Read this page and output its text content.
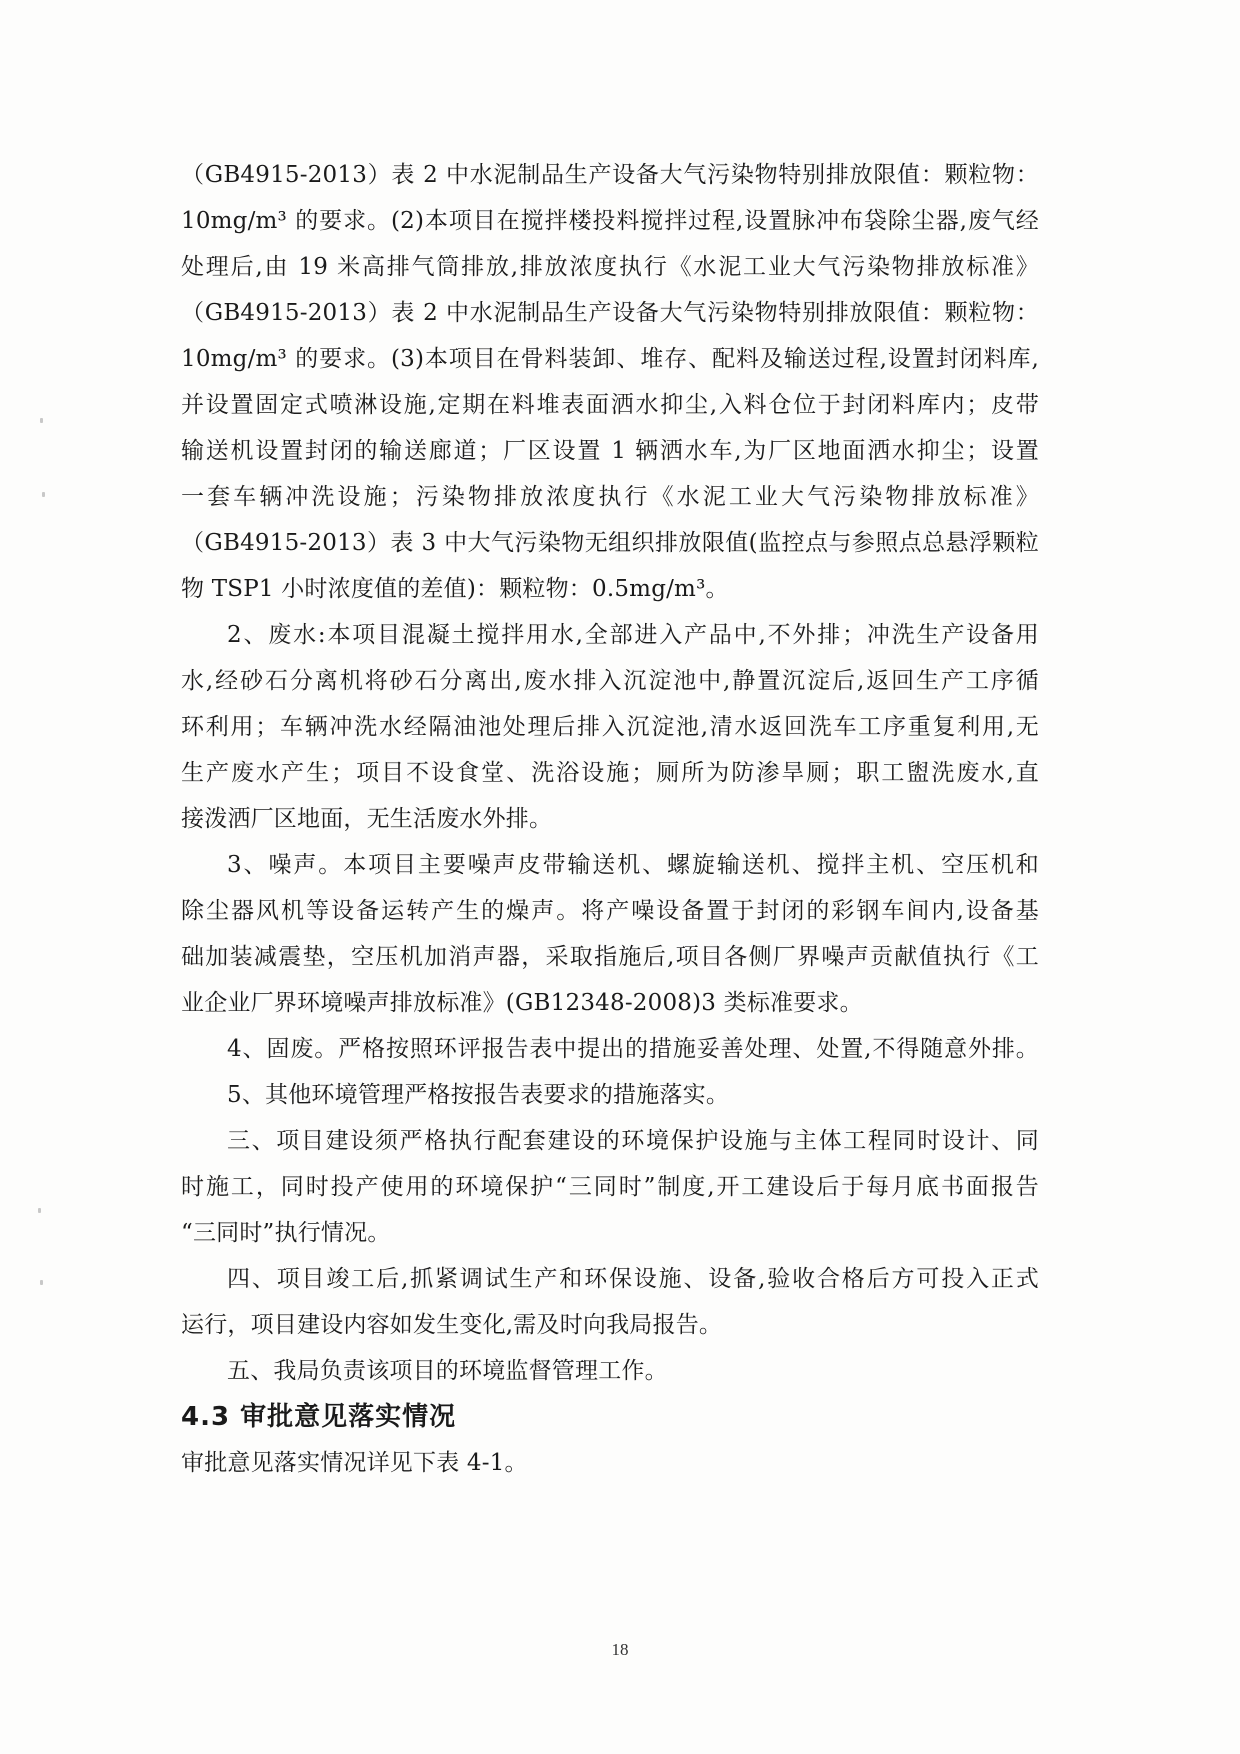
（GB4915-2013）表 2 中水泥制品生产设备大气污染物特别排放限值：颗粒物：
10mg/m³ 的要求。(2)本项目在搅拌楼投料搅拌过程,设置脉冲布袋除尘器,废气经
处理后,由 19 米高排气筒排放,排放浓度执行《水泥工业大气污染物排放标准》
（GB4915-2013）表 2 中水泥制品生产设备大气污染物特别排放限值：颗粒物：
10mg/m³ 的要求。(3)本项目在骨料装卸、堆存、配料及输送过程,设置封闭料库,
并设置固定式喷淋设施,定期在料堆表面洒水抑尘,入料仓位于封闭料库内；皮带
输送机设置封闭的输送廊道；厂区设置 1 辆洒水车,为厂区地面洒水抑尘；设置
一套车辆冲洗设施；污染物排放浓度执行《水泥工业大气污染物排放标准》
（GB4915-2013）表 3 中大气污染物无组织排放限值(监控点与参照点总悬浮颗粒
物 TSP1 小时浓度值的差值)：颗粒物：0.5mg/m³。
2、废水:本项目混凝土搅拌用水,全部进入产品中,不外排；冲洗生产设备用
水,经砂石分离机将砂石分离出,废水排入沉淀池中,静置沉淀后,返回生产工序循
环利用；车辆冲洗水经隔油池处理后排入沉淀池,清水返回洗车工序重复利用,无
生产废水产生；项目不设食堂、洗浴设施；厕所为防渗旱厕；职工盥洗废水,直
接泼洒厂区地面，无生活废水外排。
3、噪声。本项目主要噪声皮带输送机、螺旋输送机、搅拌主机、空压机和
除尘器风机等设备运转产生的燥声。将产噪设备置于封闭的彩钢车间内,设备基
础加装减震垫，空压机加消声器，采取指施后,项目各侧厂界噪声贡献值执行《工
业企业厂界环境噪声排放标准》(GB12348-2008)3 类标准要求。
4、固废。严格按照环评报告表中提出的措施妥善处理、处置,不得随意外排。
5、其他环境管理严格按报告表要求的措施落实。
三、项目建设须严格执行配套建设的环境保护设施与主体工程同时设计、同
时施工，同时投产使用的环境保护“三同时”制度,开工建设后于每月底书面报告
“三同时”执行情况。
四、项目竣工后,抓紧调试生产和环保设施、设备,验收合格后方可投入正式
运行，项目建设内容如发生变化,需及时向我局报告。
五、我局负责该项目的环境监督管理工作。
4.3 审批意见落实情况
审批意见落实情况详见下表 4-1。
18
